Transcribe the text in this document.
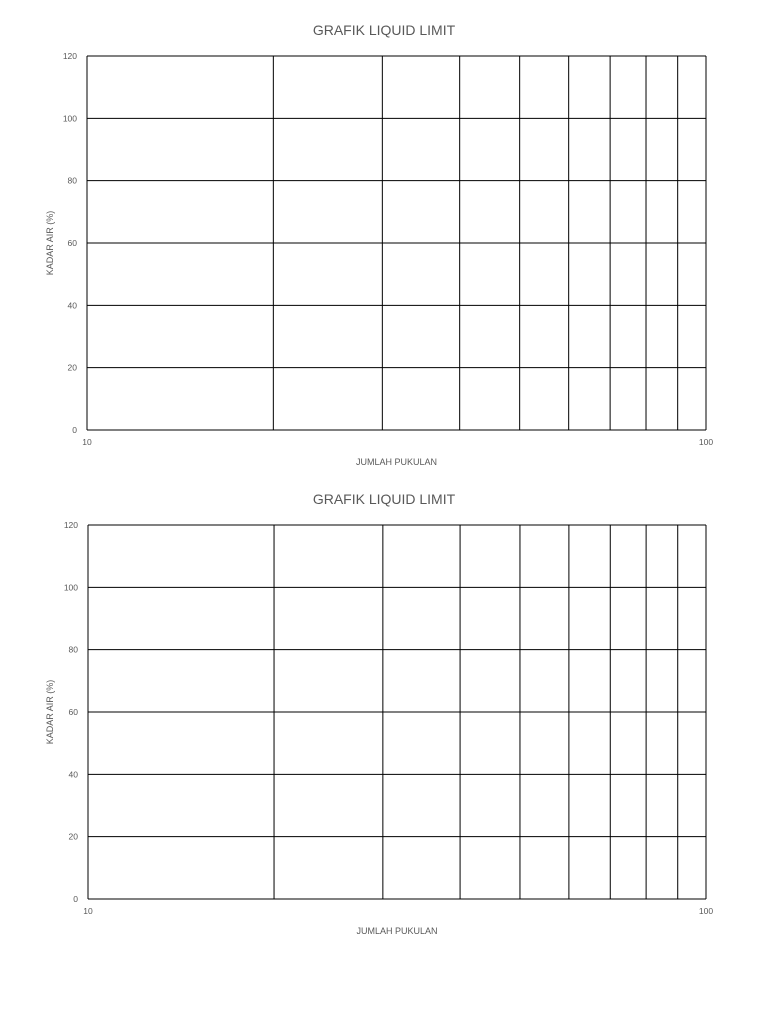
GRAFIK LIQUID LIMIT
0
20
40
60
80
100
120
10	100
JUMLAH PUKULAN
KADAR AIR (%)
GRAFIK LIQUID LIMIT
0
20
40
60
80
100
120
10	100
JUMLAH PUKULAN
KADAR AIR (%)
